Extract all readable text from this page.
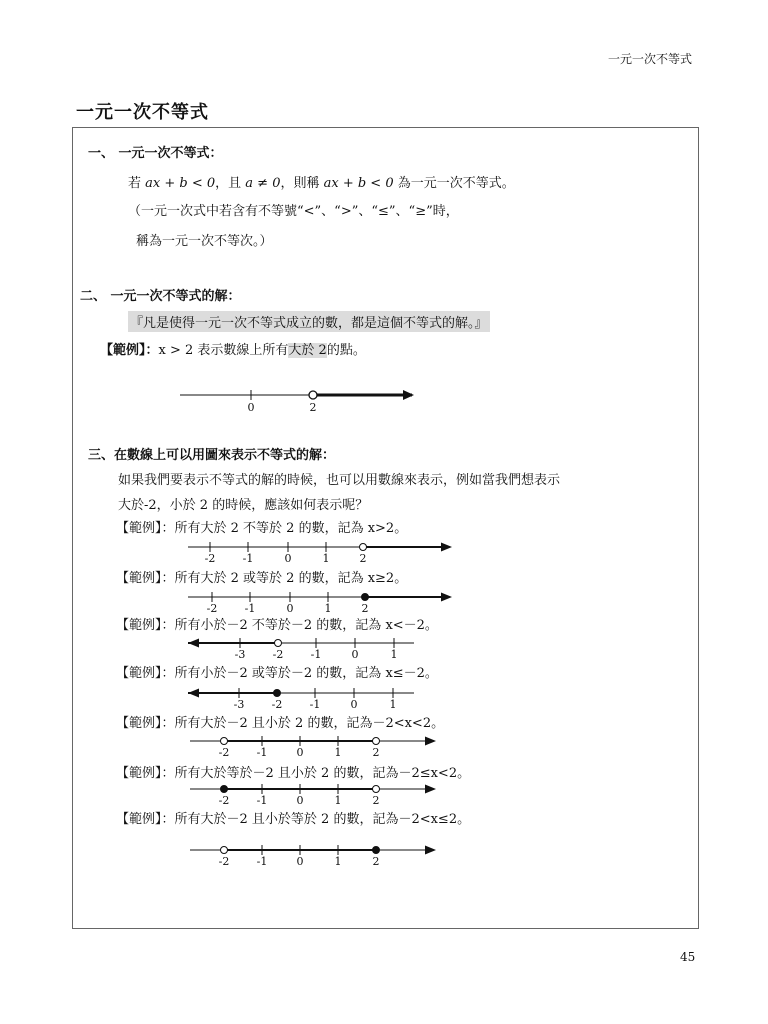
一元一次不等式
一元一次不等式
一、 一元一次不等式：
若 ax + b < 0，且 a ≠ 0，則稱 ax + b < 0 為一元一次不等式。
（一元一次式中若含有不等號“<”、“>”、“≤”、“≥”時，
稱為一元一次不等次。）
二、 一元一次不等式的解：
『凡是使得一元一次不等式成立的數，都是這個不等式的解。』
【範例】：x > 2 表示數線上所有大於 2的點。
0	2
三、在數線上可以用圖來表示不等式的解：
如果我們要表示不等式的解的時候，也可以用數線來表示，例如當我們想表示
大於-2，小於 2 的時候，應該如何表示呢？
【範例】：所有大於 2 不等於 2 的數，記為 x>2。
-2 -1	0	1	2
【範例】：所有大於 2 或等於 2 的數，記為 x≥2。
-2 -1	0	1	2
【範例】：所有小於－2 不等於－2 的數，記為 x<－2。
-3 -2 -1	0	1
【範例】：所有小於－2 或等於－2 的數，記為 x≤－2。
-3 -2 -1	0	1
【範例】：所有大於－2 且小於 2 的數，記為－2<x<2。
-2 -1	0	1	2
【範例】：所有大於等於－2 且小於 2 的數，記為－2≤x<2。
-2 -1	0	1	2
【範例】：所有大於－2 且小於等於 2 的數，記為－2<x≤2。
-2 -1	0	1	2
45
